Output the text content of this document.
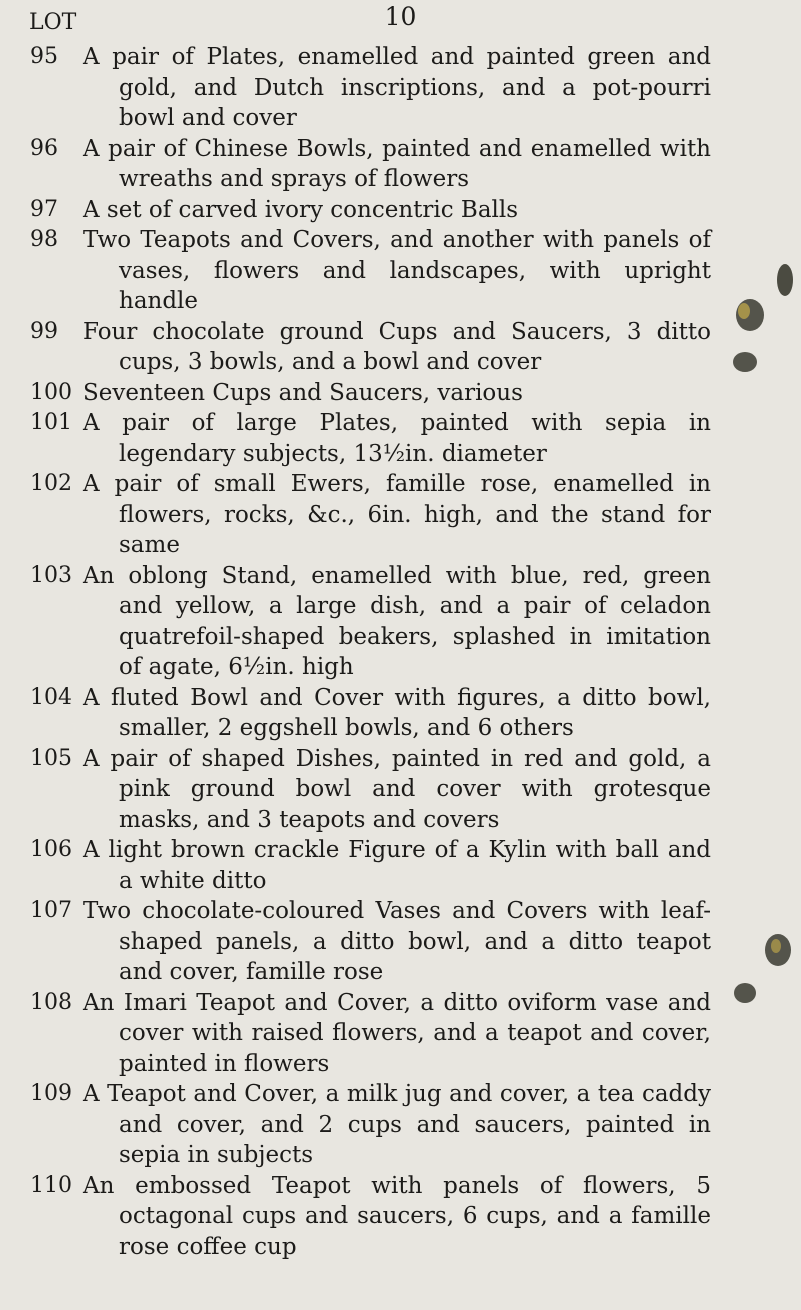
10
LOT
95	A pair of Plates, enamelled and painted green and gold, and Dutch inscriptions, and a pot-pourri bowl and cover
96	A pair of Chinese Bowls, painted and enamelled with wreaths and sprays of flowers
97	A set of carved ivory concentric Balls
98	Two Teapots and Covers, and another with panels of vases, flowers and landscapes, with upright handle
99	Four chocolate ground Cups and Saucers, 3 ditto cups, 3 bowls, and a bowl and cover
100 Seventeen Cups and Saucers, various
101 A pair of large Plates, painted with sepia in legendary subjects, 13½in. diameter
102 A pair of small Ewers, famille rose, enamelled in flowers, rocks, &c., 6in. high, and the stand for same
103 An oblong Stand, enamelled with blue, red, green and yellow, a large dish, and a pair of celadon quatrefoil-shaped beakers, splashed in imitation of agate, 6½in. high
104 A fluted Bowl and Cover with figures, a ditto bowl, smaller, 2 eggshell bowls, and 6 others
105 A pair of shaped Dishes, painted in red and gold, a pink ground bowl and cover with grotesque masks, and 3 teapots and covers
106 A light brown crackle Figure of a Kylin with ball and a white ditto
107 Two chocolate-coloured Vases and Covers with leaf-shaped panels, a ditto bowl, and a ditto teapot and cover, famille rose
108 An Imari Teapot and Cover, a ditto oviform vase and cover with raised flowers, and a teapot and cover, painted in flowers
109 A Teapot and Cover, a milk jug and cover, a tea caddy and cover, and 2 cups and saucers, painted in sepia in subjects
110 An embossed Teapot with panels of flowers, 5 octagonal cups and saucers, 6 cups, and a famille rose coffee cup
